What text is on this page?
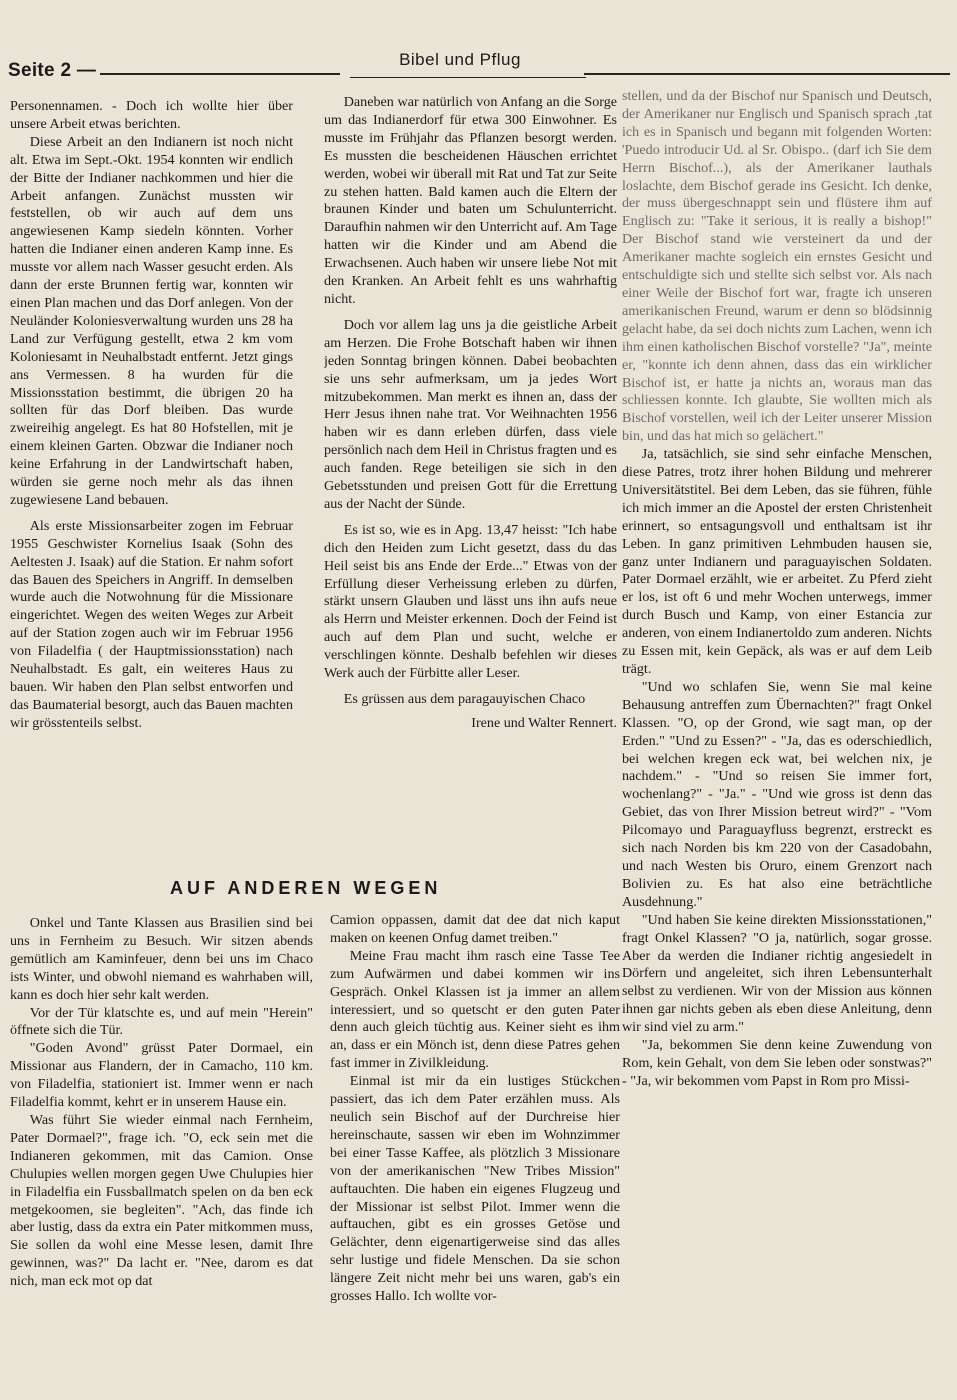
Seite 2 —
Bibel und Pflug

Personennamen. - Doch ich wollte hier über unsere Arbeit etwas berichten.

Diese Arbeit an den Indianern ist noch nicht alt. Etwa im Sept.-Okt. 1954 konnten wir endlich der Bitte der Indianer nachkommen und hier die Arbeit anfangen. Zunächst mussten wir feststellen, ob wir auch auf dem uns angewiesenen Kamp siedeln könnten. Vorher hatten die Indianer einen anderen Kamp inne. Es musste vor allem nach Wasser gesucht erden. Als dann der erste Brunnen fertig war, konnten wir einen Plan machen und das Dorf anlegen. Von der Neuländer Koloniesverwaltung wurden uns 28 ha Land zur Verfügung gestellt, etwa 2 km vom Koloniesamt in Neuhalbstadt entfernt. Jetzt gings ans Vermessen. 8 ha wurden für die Missionsstation bestimmt, die übrigen 20 ha sollten für das Dorf bleiben. Das wurde zweireihig angelegt. Es hat 80 Hofstellen, mit je einem kleinen Garten. Obzwar die Indianer noch keine Erfahrung in der Landwirtschaft haben, würden sie gerne noch mehr als das ihnen zugewiesene Land bebauen.

Als erste Missionsarbeiter zogen im Februar 1955 Geschwister Kornelius Isaak (Sohn des Aeltesten J. Isaak) auf die Station. Er nahm sofort das Bauen des Speichers in Angriff. In demselben wurde auch die Notwohnung für die Missionare eingerichtet. Wegen des weiten Weges zur Arbeit auf der Station zogen auch wir im Februar 1956 von Filadelfia ( der Hauptmissionsstation) nach Neuhalbstadt. Es galt, ein weiteres Haus zu bauen. Wir haben den Plan selbst entworfen und das Baumaterial besorgt, auch das Bauen machten wir grösstenteils selbst.

Daneben war natürlich von Anfang an die Sorge um das Indianerdorf für etwa 300 Einwohner. Es musste im Frühjahr das Pflanzen besorgt werden. Es mussten die bescheidenen Häuschen errichtet werden, wobei wir überall mit Rat und Tat zur Seite zu stehen hatten. Bald kamen auch die Eltern der braunen Kinder und baten um Schulunterricht. Daraufhin nahmen wir den Unterricht auf. Am Tage hatten wir die Kinder und am Abend die Erwachsenen. Auch haben wir unsere liebe Not mit den Kranken. An Arbeit fehlt es uns wahrhaftig nicht.

Doch vor allem lag uns ja die geistliche Arbeit am Herzen. Die Frohe Botschaft haben wir ihnen jeden Sonntag bringen können. Dabei beobachten sie uns sehr aufmerksam, um ja jedes Wort mitzubekommen. Man merkt es ihnen an, dass der Herr Jesus ihnen nahe trat. Vor Weihnachten 1956 haben wir es dann erleben dürfen, dass viele persönlich nach dem Heil in Christus fragten und es auch fanden. Rege beteiligen sie sich in den Gebetsstunden und preisen Gott für die Errettung aus der Nacht der Sünde.

Es ist so, wie es in Apg. 13,47 heisst: "Ich habe dich den Heiden zum Licht gesetzt, dass du das Heil seist bis ans Ende der Erde..." Etwas von der Erfüllung dieser Verheissung erleben zu dürfen, stärkt unsern Glauben und lässt uns ihn aufs neue als Herrn und Meister erkennen. Doch der Feind ist auch auf dem Plan und sucht, welche er verschlingen könnte. Deshalb befehlen wir dieses Werk auch der Fürbitte aller Leser.

Es grüssen aus dem paragauyischen Chaco

Irene und Walter Rennert.

stellen, und da der Bischof nur Spanisch und Deutsch, der Amerikaner nur Englisch und Spanisch sprach ,tat ich es in Spanisch und begann mit folgenden Worten: 'Puedo introducir Ud. al Sr. Obispo.. (darf ich Sie dem Herrn Bischof...), als der Amerikaner lauthals loslachte, dem Bischof gerade ins Gesicht. Ich denke, der muss übergeschnappt sein und flüstere ihm auf Englisch zu: "Take it serious, it is really a bishop!" Der Bischof stand wie versteinert da und der Amerikaner machte sogleich ein ernstes Gesicht und entschuldigte sich und stellte sich selbst vor. Als nach einer Weile der Bischof fort war, fragte ich unseren amerikanischen Freund, warum er denn so blödsinnig gelacht habe, da sei doch nichts zum Lachen, wenn ich ihm einen katholischen Bischof vorstelle? "Ja", meinte er, "konnte ich denn ahnen, dass das ein wirklicher Bischof ist, er hatte ja nichts an, woraus man das schliessen konnte. Ich glaubte, Sie wollten mich als Bischof vorstellen, weil ich der Leiter unserer Mission bin, und das hat mich so gelächert."

Ja, tatsächlich, sie sind sehr einfache Menschen, diese Patres, trotz ihrer hohen Bildung und mehrerer Universitätstitel. Bei dem Leben, das sie führen, fühle ich mich immer an die Apostel der ersten Christenheit erinnert, so entsagungsvoll und enthaltsam ist ihr Leben. In ganz primitiven Lehmbuden hausen sie, ganz unter Indianern und paraguayischen Soldaten. Pater Dormael erzählt, wie er arbeitet. Zu Pferd zieht er los, ist oft 6 und mehr Wochen unterwegs, immer durch Busch und Kamp, von einer Estancia zur anderen, von einem Indianertoldo zum anderen. Nichts zu Essen mit, kein Gepäck, als was er auf dem Leib trägt.

"Und wo schlafen Sie, wenn Sie mal keine Behausung antreffen zum Übernachten?" fragt Onkel Klassen. "O, op der Grond, wie sagt man, op der Erden." "Und zu Essen?" - "Ja, das es oderschiedlich, bei welchen kregen eck wat, bei welchen nix, je nachdem." - "Und so reisen Sie immer fort, wochenlang?" - "Ja." - "Und wie gross ist denn das Gebiet, das von Ihrer Mission betreut wird?" - "Vom Pilcomayo und Paraguayfluss begrenzt, erstreckt es sich nach Norden bis km 220 von der Casadobahn, und nach Westen bis Oruro, einem Grenzort nach Bolivien zu. Es hat also eine beträchtliche Ausdehnung."

"Und haben Sie keine direkten Missionsstationen," fragt Onkel Klassen? "O ja, natürlich, sogar grosse. Aber da werden die Indianer richtig angesiedelt in Dörfern und angeleitet, sich ihren Lebensunterhalt selbst zu verdienen. Wir von der Mission aus können ihnen gar nichts geben als eben diese Anleitung, denn wir sind viel zu arm."

"Ja, bekommen Sie denn keine Zuwendung von Rom, kein Gehalt, von dem Sie leben oder sonstwas?" - "Ja, wir bekommen vom Papst in Rom pro Missi-

AUF ANDEREN WEGEN

Onkel und Tante Klassen aus Brasilien sind bei uns in Fernheim zu Besuch. Wir sitzen abends gemütlich am Kaminfeuer, denn bei uns im Chaco ists Winter, und obwohl niemand es wahrhaben will, kann es doch hier sehr kalt werden.

Vor der Tür klatschte es, und auf mein "Herein" öffnete sich die Tür.

"Goden Avond" grüsst Pater Dormael, ein Missionar aus Flandern, der in Camacho, 110 km. von Filadelfia, stationiert ist. Immer wenn er nach Filadelfia kommt, kehrt er in unserem Hause ein.

Was führt Sie wieder einmal nach Fernheim, Pater Dormael?", frage ich. "O, eck sein met die Indianeren gekommen, mit das Camion. Onse Chulupies wellen morgen gegen Uwe Chulupies hier in Filadelfia ein Fussballmatch spelen on da ben eck metgekoomen, sie begleiten". "Ach, das finde ich aber lustig, dass da extra ein Pater mitkommen muss, Sie sollen da wohl eine Messe lesen, damit Ihre gewinnen, was?" Da lacht er. "Nee, darom es dat nich, man eck mot op dat

Camion oppassen, damit dat dee dat nich kaput maken on keenen Onfug damet treiben."

Meine Frau macht ihm rasch eine Tasse Tee zum Aufwärmen und dabei kommen wir ins Gespräch. Onkel Klassen ist ja immer an allem interessiert, und so quetscht er den guten Pater denn auch gleich tüchtig aus. Keiner sieht es ihm an, dass er ein Mönch ist, denn diese Patres gehen fast immer in Zivilkleidung.

Einmal ist mir da ein lustiges Stückchen passiert, das ich dem Pater erzählen muss. Als neulich sein Bischof auf der Durchreise hier hereinschaute, sassen wir eben im Wohnzimmer bei einer Tasse Kaffee, als plötzlich 3 Missionare von der amerikanischen "New Tribes Mission" auftauchten. Die haben ein eigenes Flugzeug und der Missionar ist selbst Pilot. Immer wenn die auftauchen, gibt es ein grosses Getöse und Gelächter, denn eigenartigerweise sind das alles sehr lustige und fidele Menschen. Da sie schon längere Zeit nicht mehr bei uns waren, gab's ein grosses Hallo. Ich wollte vor-
